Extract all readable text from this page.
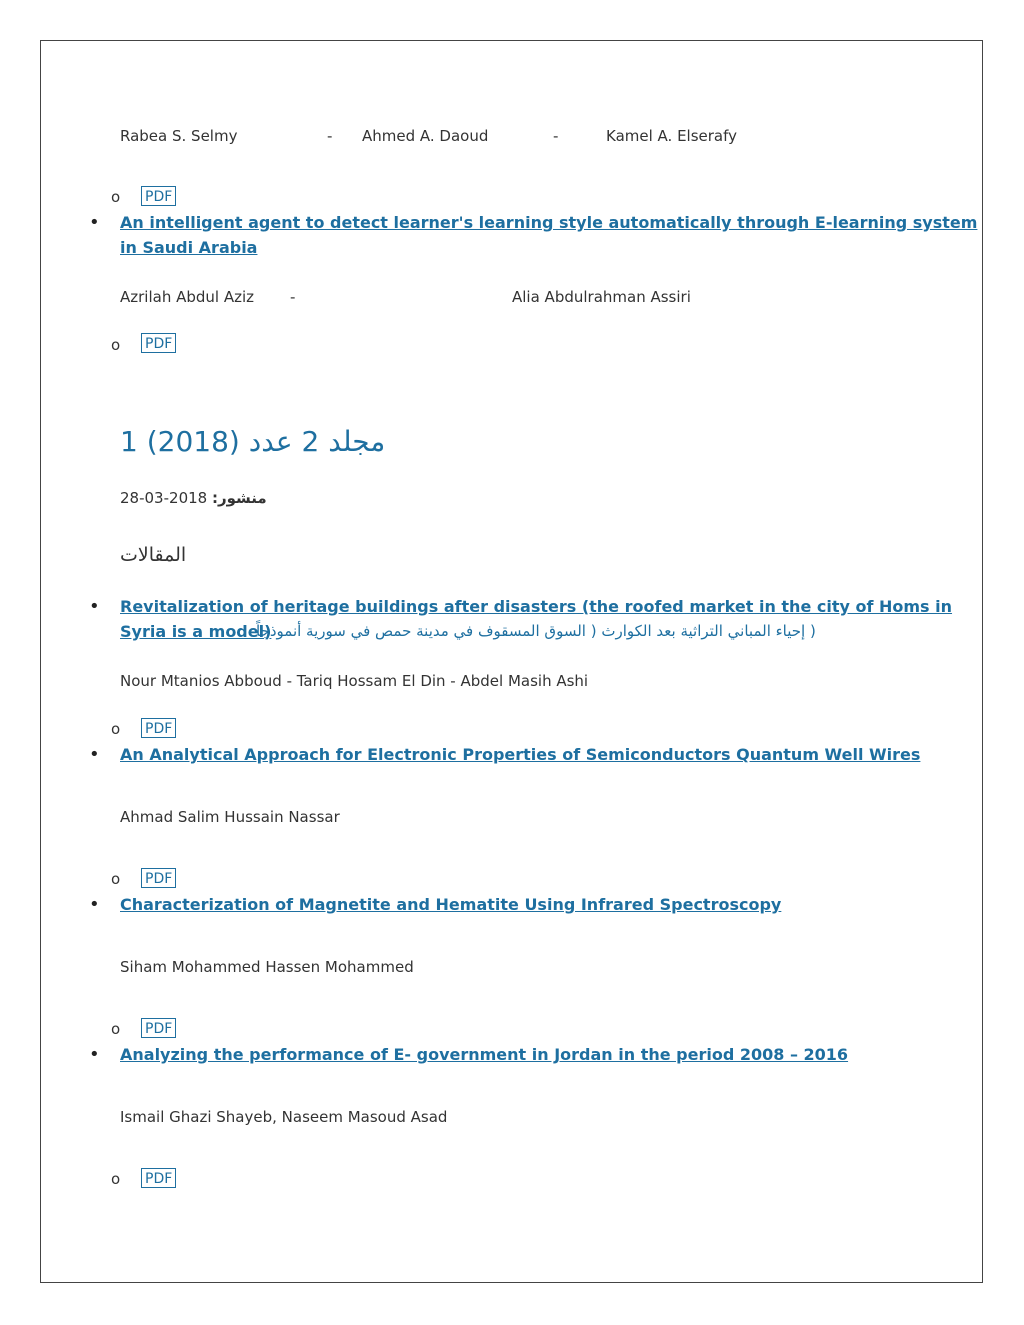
Rabea S. Selmy	- Ahmed A. Daoud	-	Kamel A. Elserafy
o PDF
• An intelligent agent to detect learner's learning style automatically through E-learning system
in Saudi Arabia
Azrilah Abdul Aziz -	Alia Abdulrahman Assiri
o PDF
1 مجلد 2 عدد (2018)
منشور: 2018-03-28
المقالات
• Revitalization of heritage buildings after disasters (the roofed market in the city of Homs in
Syria is a model)
( إحياء المباني التراثية بعد الكوارث ( السوق المسقوف في مدينة حمص في سورية أنموذجاً
Nour Mtanios Abboud - Tariq Hossam El Din - Abdel Masih Ashi
o PDF
• An Analytical Approach for Electronic Properties of Semiconductors Quantum Well Wires
Ahmad Salim Hussain Nassar
o PDF
• Characterization of Magnetite and Hematite Using Infrared Spectroscopy
Siham Mohammed Hassen Mohammed
o PDF
• Analyzing the performance of E- government in Jordan in the period 2008 – 2016
Ismail Ghazi Shayeb, Naseem Masoud Asad
o PDF
